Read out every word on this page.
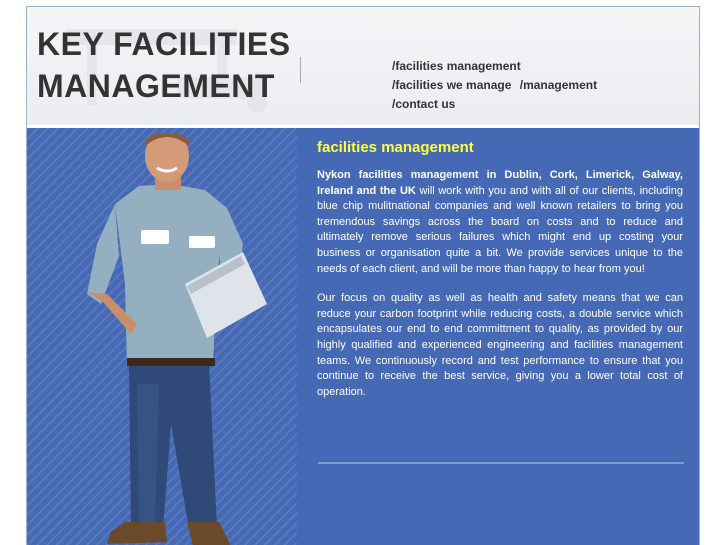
KEY FACILITIES
MANAGEMENT
/facilities management /facilities we manage /management /contact us
facilities management

Nykon facilities management in Dublin, Cork, Limerick, Galway, Ireland and the UK will work with you and with all of our clients, including blue chip mulitnational companies and well known retailers to bring you tremendous savings across the board on costs and to reduce and ultimately remove serious failures which might end up costing your business or organisation quite a bit. We provide services unique to the needs of each client, and will be more than happy to hear from you!

Our focus on quality as well as health and safety means that we can reduce your carbon footprint while reducing costs, a double service which encapsulates our end to end committment to quality, as provided by our highly qualified and experienced engineering and facilities management teams. We continuously record and test performance to ensure that you continue to receive the best service, giving you a lower total cost of operation.
